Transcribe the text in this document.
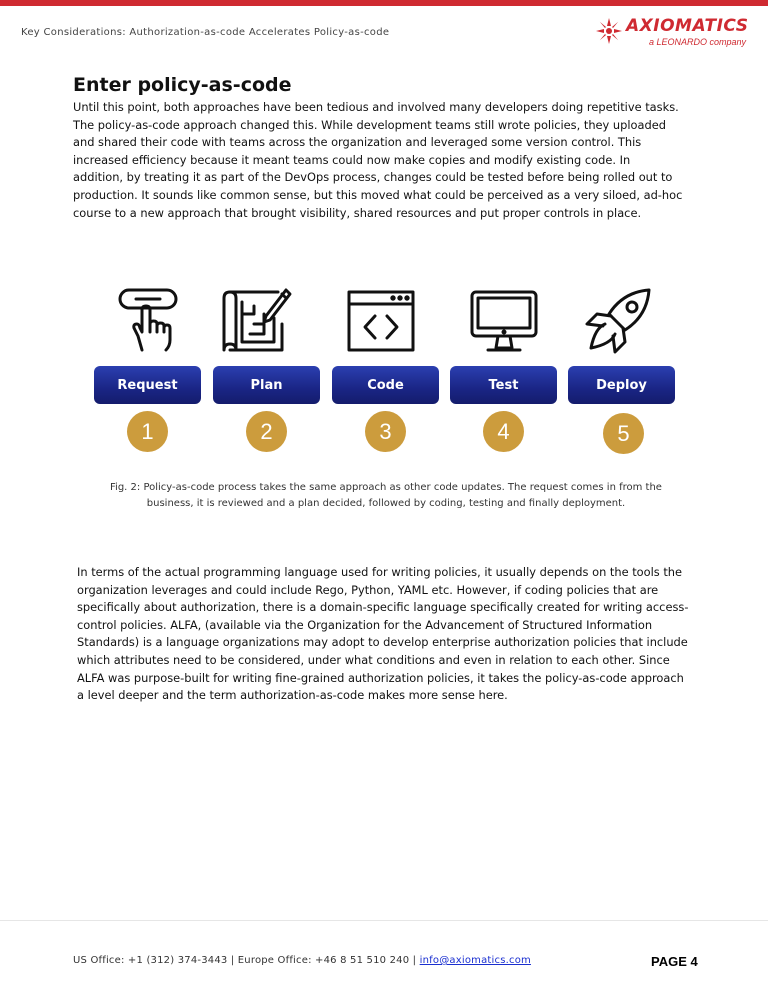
Key Considerations: Authorization-as-code Accelerates Policy-as-code	AXIOMATICS
a LEONARDO company
Enter policy-as-code

Until this point, both approaches have been tedious and involved many developers doing repetitive tasks. The policy-as-code approach changed this. While development teams still wrote policies, they uploaded and shared their code with teams across the organization and leveraged some version control. This increased efficiency because it meant teams could now make copies and modify existing code. In addition, by treating it as part of the DevOps process, changes could be tested before being rolled out to production. It sounds like common sense, but this moved what could be perceived as a very siloed, ad-hoc course to a new approach that brought visibility, shared resources and put proper controls in place.

Request	Plan	Code	Test	Deploy
1	2	3	4	5

Fig. 2: Policy-as-code process takes the same approach as other code updates. The request comes in from the business, it is reviewed and a plan decided, followed by coding, testing and finally deployment.

In terms of the actual programming language used for writing policies, it usually depends on the tools the organization leverages and could include Rego, Python, YAML etc. However, if coding policies that are specifically about authorization, there is a domain-specific language specifically created for writing access-control policies. ALFA, (available via the Organization for the Advancement of Structured Information Standards) is a language organizations may adopt to develop enterprise authorization policies that include which attributes need to be considered, under what conditions and even in relation to each other. Since ALFA was purpose-built for writing fine-grained authorization policies, it takes the policy-as-code approach a level deeper and the term authorization-as-code makes more sense here.

US Office: +1 (312) 374-3443 | Europe Office: +46 8 51 510 240 | info@axiomatics.com	PAGE 4
